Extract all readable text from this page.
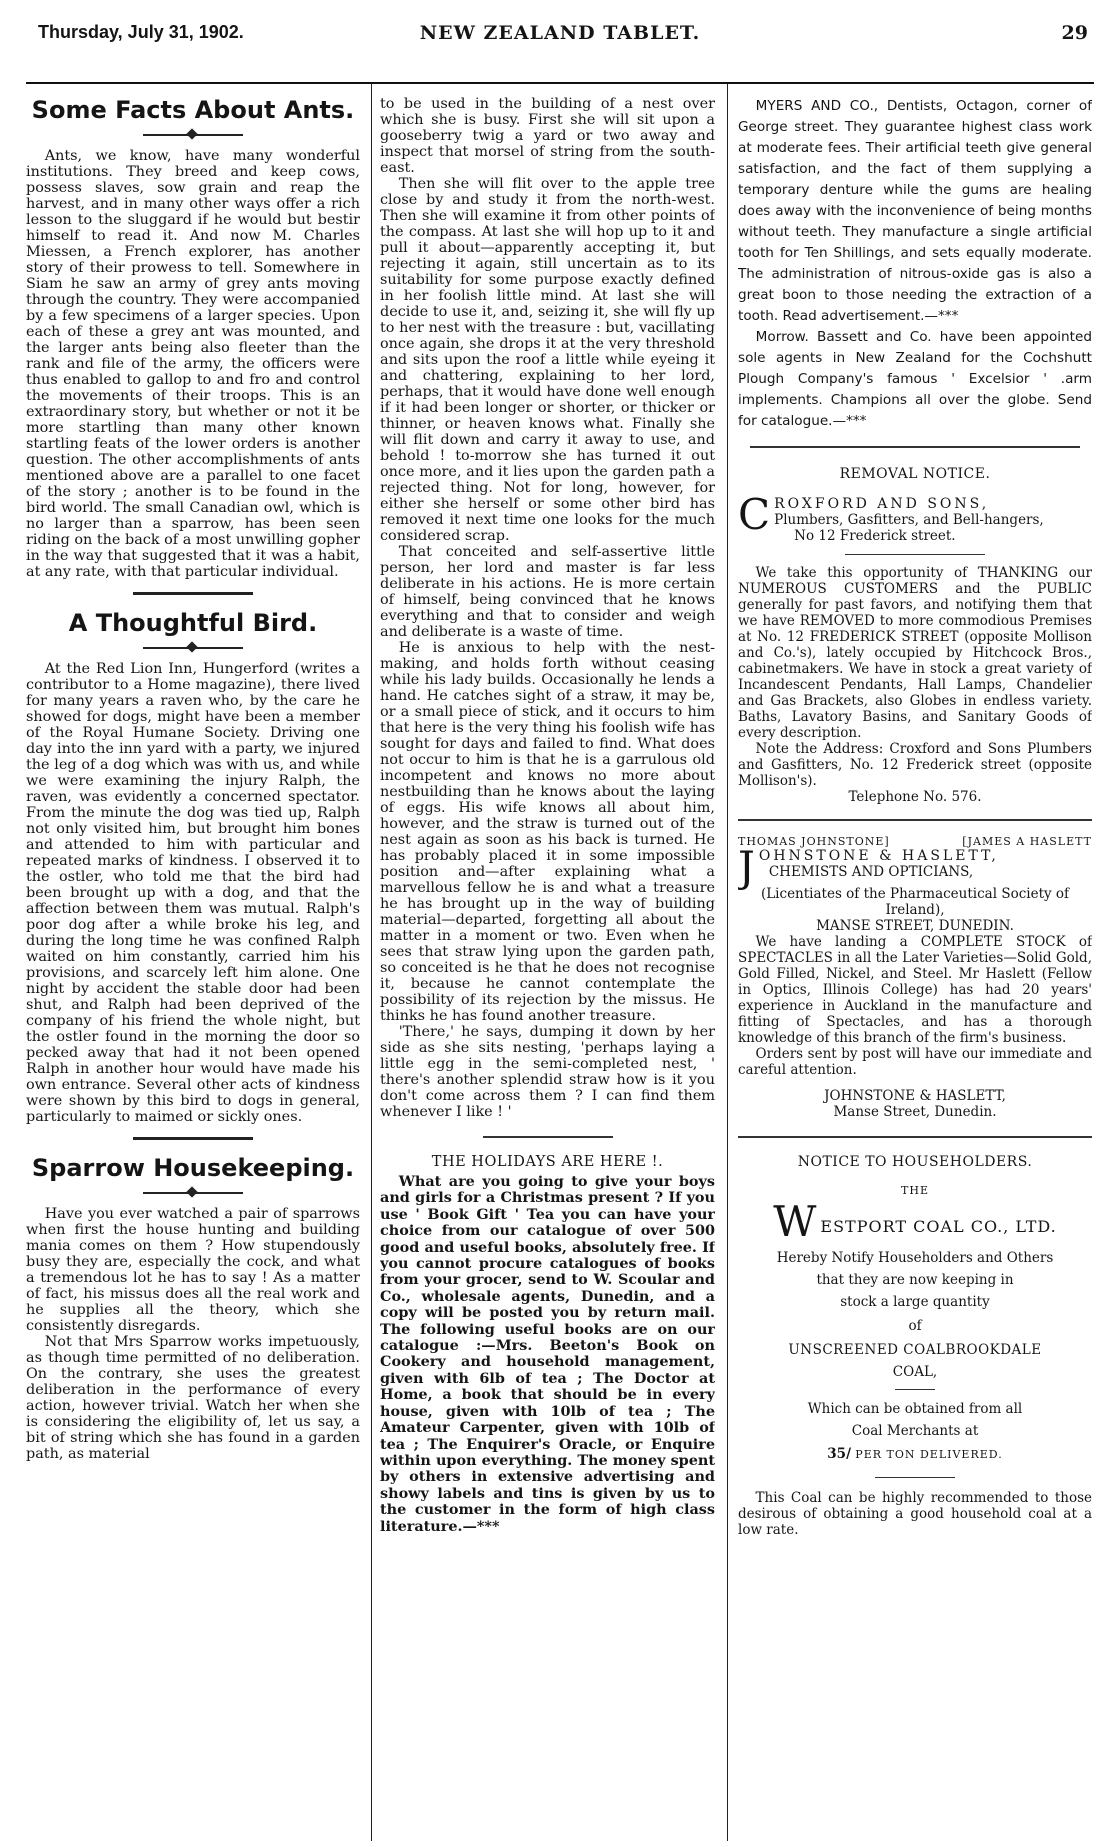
Thursday, July 31, 1902.	NEW ZEALAND TABLET.	29
Some Facts About Ants.

Ants, we know, have many wonderful institutions. They breed and keep cows, possess slaves, sow grain and reap the harvest, and in many other ways offer a rich lesson to the sluggard if he would but bestir himself to read it. And now M. Charles Miessen, a French explorer, has another story of their prowess to tell. Somewhere in Siam he saw an army of grey ants moving through the country. They were accompanied by a few specimens of a larger species. Upon each of these a grey ant was mounted, and the larger ants being also fleeter than the rank and file of the army, the officers were thus enabled to gallop to and fro and control the movements of their troops. This is an extraordinary story, but whether or not it be more startling than many other known startling feats of the lower orders is another question. The other accomplishments of ants mentioned above are a parallel to one facet of the story ; another is to be found in the bird world. The small Canadian owl, which is no larger than a sparrow, has been seen riding on the back of a most unwilling gopher in the way that suggested that it was a habit, at any rate, with that particular individual.

A Thoughtful Bird.

At the Red Lion Inn, Hungerford (writes a contributor to a Home magazine), there lived for many years a raven who, by the care he showed for dogs, might have been a member of the Royal Humane Society. Driving one day into the inn yard with a party, we injured the leg of a dog which was with us, and while we were examining the injury Ralph, the raven, was evidently a concerned spectator. From the minute the dog was tied up, Ralph not only visited him, but brought him bones and attended to him with particular and repeated marks of kindness. I observed it to the ostler, who told me that the bird had been brought up with a dog, and that the affection between them was mutual. Ralph's poor dog after a while broke his leg, and during the long time he was confined Ralph waited on him constantly, carried him his provisions, and scarcely left him alone. One night by accident the stable door had been shut, and Ralph had been deprived of the company of his friend the whole night, but the ostler found in the morning the door so pecked away that had it not been opened Ralph in another hour would have made his own entrance. Several other acts of kindness were shown by this bird to dogs in general, particularly to maimed or sickly ones.

Sparrow Housekeeping.

Have you ever watched a pair of sparrows when first the house hunting and building mania comes on them ? How stupendously busy they are, especially the cock, and what a tremendous lot he has to say ! As a matter of fact, his missus does all the real work and he supplies all the theory, which she consistently disregards.

Not that Mrs Sparrow works impetuously, as though time permitted of no deliberation. On the contrary, she uses the greatest deliberation in the performance of every action, however trivial. Watch her when she is considering the eligibility of, let us say, a bit of string which she has found in a garden path, as material

to be used in the building of a nest over which she is busy. First she will sit upon a gooseberry twig a yard or two away and inspect that morsel of string from the south-east.

Then she will flit over to the apple tree close by and study it from the north-west. Then she will examine it from other points of the compass. At last she will hop up to it and pull it about—apparently accepting it, but rejecting it again, still uncertain as to its suitability for some purpose exactly defined in her foolish little mind. At last she will decide to use it, and, seizing it, she will fly up to her nest with the treasure : but, vacillating once again, she drops it at the very threshold and sits upon the roof a little while eyeing it and chattering, explaining to her lord, perhaps, that it would have done well enough if it had been longer or shorter, or thicker or thinner, or heaven knows what. Finally she will flit down and carry it away to use, and behold ! to-morrow she has turned it out once more, and it lies upon the garden path a rejected thing. Not for long, however, for either she herself or some other bird has removed it next time one looks for the much considered scrap.

That conceited and self-assertive little person, her lord and master is far less deliberate in his actions. He is more certain of himself, being convinced that he knows everything and that to consider and weigh and deliberate is a waste of time.

He is anxious to help with the nest-making, and holds forth without ceasing while his lady builds. Occasionally he lends a hand. He catches sight of a straw, it may be, or a small piece of stick, and it occurs to him that here is the very thing his foolish wife has sought for days and failed to find. What does not occur to him is that he is a garrulous old incompetent and knows no more about nestbuilding than he knows about the laying of eggs. His wife knows all about him, however, and the straw is turned out of the nest again as soon as his back is turned. He has probably placed it in some impossible position and—after explaining what a marvellous fellow he is and what a treasure he has brought up in the way of building material—departed, forgetting all about the matter in a moment or two. Even when he sees that straw lying upon the garden path, so conceited is he that he does not recognise it, because he cannot contemplate the possibility of its rejection by the missus. He thinks he has found another treasure.

'There,' he says, dumping it down by her side as she sits nesting, 'perhaps laying a little egg in the semi-completed nest, ' there's another splendid straw how is it you don't come across them ? I can find them whenever I like ! '

THE HOLIDAYS ARE HERE !.

What are you going to give your boys and girls for a Christmas present ? If you use ' Book Gift ' Tea you can have your choice from our catalogue of over 500 good and useful books, absolutely free. If you cannot procure catalogues of books from your grocer, send to W. Scoular and Co., wholesale agents, Dunedin, and a copy will be posted you by return mail. The following useful books are on our catalogue :—Mrs. Beeton's Book on Cookery and household management, given with 6lb of tea ; The Doctor at Home, a book that should be in every house, given with 10lb of tea ; The Amateur Carpenter, given with 10lb of tea ; The Enquirer's Oracle, or Enquire within upon everything. The money spent by others in extensive advertising and showy labels and tins is given by us to the customer in the form of high class literature.—***

MYERS AND CO., Dentists, Octagon, corner of George street. They guarantee highest class work at moderate fees. Their artificial teeth give general satisfaction, and the fact of them supplying a temporary denture while the gums are healing does away with the inconvenience of being months without teeth. They manufacture a single artificial tooth for Ten Shillings, and sets equally moderate. The administration of nitrous-oxide gas is also a great boon to those needing the extraction of a tooth. Read advertisement.—***

Morrow. Bassett and Co. have been appointed sole agents in New Zealand for the Cochshutt Plough Company's famous ' Excelsior ' .arm implements. Champions all over the globe. Send for catalogue.—***

REMOVAL NOTICE.

C ROXFORD AND SONS,
Plumbers, Gasfitters, and Bell-hangers,
No 12 Frederick street.

We take this opportunity of THANKING our NUMEROUS CUSTOMERS and the PUBLIC generally for past favors, and notifying them that we have REMOVED to more commodious Premises at No. 12 FREDERICK STREET (opposite Mollison and Co.'s), lately occupied by Hitchcock Bros., cabinetmakers. We have in stock a great variety of Incandescent Pendants, Hall Lamps, Chandelier and Gas Brackets, also Globes in endless variety. Baths, Lavatory Basins, and Sanitary Goods of every description.

Note the Address: Croxford and Sons Plumbers and Gasfitters, No. 12 Frederick street (opposite Mollison's).

Telephone No. 576.

THOMAS JOHNSTONE]	[JAMES A HASLETT
J OHNSTONE & HASLETT,
CHEMISTS AND OPTICIANS,

(Licentiates of the Pharmaceutical Society of Ireland),

MANSE STREET, DUNEDIN.

We have landing a COMPLETE STOCK of SPECTACLES in all the Later Varieties—Solid Gold, Gold Filled, Nickel, and Steel. Mr Haslett (Fellow in Optics, Illinois College) has had 20 years' experience in Auckland in the manufacture and fitting of Spectacles, and has a thorough knowledge of this branch of the firm's business.

Orders sent by post will have our immediate and careful attention.

JOHNSTONE & HASLETT,

Manse Street, Dunedin.

NOTICE TO HOUSEHOLDERS.

THE

W ESTPORT COAL CO., LTD.

Hereby Notify Householders and Others

that they are now keeping in

stock a large quantity

of

UNSCREENED COALBROOKDALE

COAL,

Which can be obtained from all

Coal Merchants at

35/ PER TON DELIVERED.

This Coal can be highly recommended to those desirous of obtaining a good household coal at a low rate.
